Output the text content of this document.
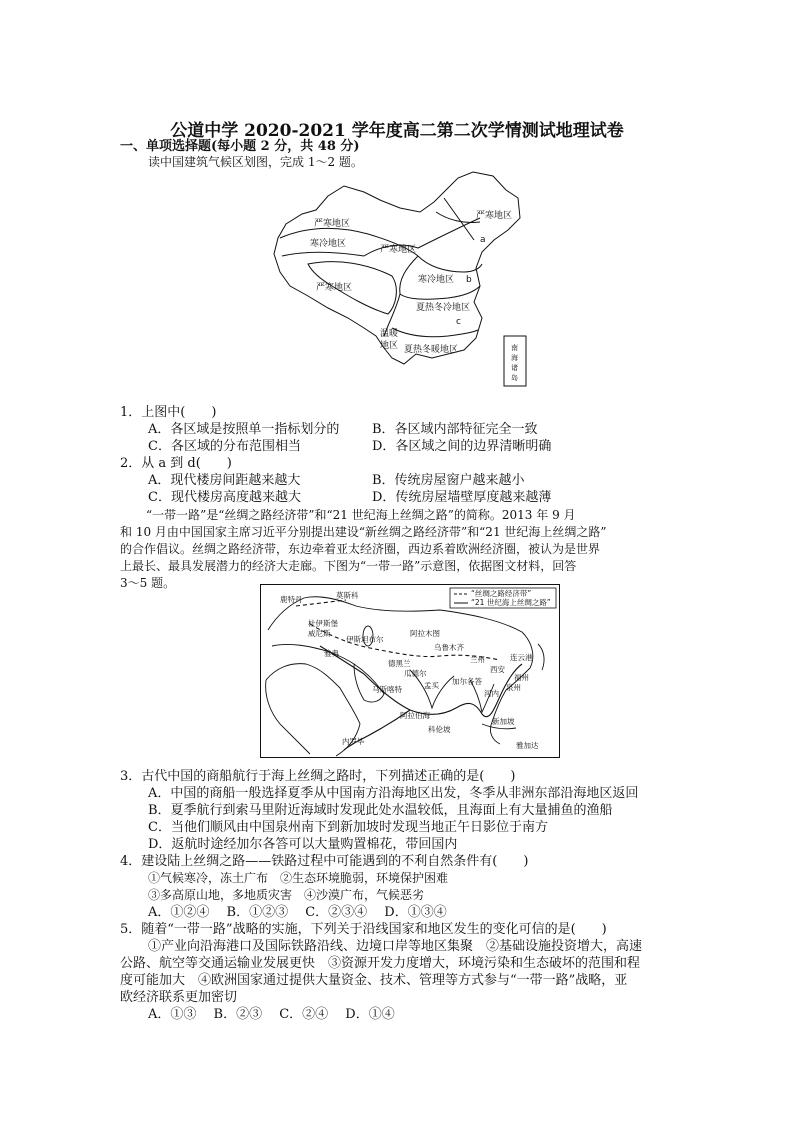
公道中学 2020-2021 学年度高二第二次学情测试地理试卷
一、单项选择题(每小题 2 分，共 48 分)
读中国建筑气候区划图，完成 1～2 题。
严寒地区
严寒地区
寒冷地区
严寒地区
严寒地区
寒冷地区
夏热冬冷地区
温暖
地区 夏热冬暖地区
a
b
c
南
海
诸
岛
1．上图中(　　)
A．各区域是按照单一指标划分的	B．各区域内部特征完全一致
C．各区域的分布范围相当	D．各区域之间的边界清晰明确
2．从 a 到 d(　　)
A．现代楼房间距越来越大	B．传统房屋窗户越来越小
C．现代楼房高度越来越大	D．传统房屋墙壁厚度越来越薄
“一带一路”是“丝绸之路经济带”和“21 世纪海上丝绸之路”的简称。2013 年 9 月
和 10 月由中国国家主席习近平分别提出建设“新丝绸之路经济带”和“21 世纪海上丝绸之路”
的合作倡议。丝绸之路经济带，东边牵着亚太经济圈，西边系着欧洲经济圈，被认为是世界
上最长、最具发展潜力的经济大走廊。下图为“一带一路”示意图，依据图文材料，回答
3～5 题。
“丝绸之路经济带”
“21 世纪海上丝绸之路”
鹿特丹	莫斯科
杜伊斯堡
威尼斯
伊斯坦布尔
阿拉木图
乌鲁木齐
兰州
西安
连云港
雅典
德黑兰
瓜德尔
孟买 加尔各答	福州
泉州
河内
马斯喀特
阿拉伯海
科伦坡
新加坡
雅加达
内罗毕
3．古代中国的商船航行于海上丝绸之路时，下列描述正确的是(　　)
A．中国的商船一般选择夏季从中国南方沿海地区出发，冬季从非洲东部沿海地区返回
B．夏季航行到索马里附近海域时发现此处水温较低，且海面上有大量捕鱼的渔船
C．当他们顺风由中国泉州南下到新加坡时发现当地正午日影位于南方
D．返航时途经加尔各答可以大量购置棉花，带回国内
4．建设陆上丝绸之路——铁路过程中可能遇到的不利自然条件有(　　)
①气候寒冷，冻土广布　②生态环境脆弱，环境保护困难
③多高原山地，多地质灾害　④沙漠广布，气候恶劣
A．①②④　 B．①②③　 C．②③④　 D．①③④
5．随着“一带一路”战略的实施，下列关于沿线国家和地区发生的变化可信的是(　　)
①产业向沿海港口及国际铁路沿线、边境口岸等地区集聚　②基础设施投资增大，高速
公路、航空等交通运输业发展更快　③资源开发力度增大，环境污染和生态破坏的范围和程
度可能加大　④欧洲国家通过提供大量资金、技术、管理等方式参与“一带一路”战略，亚
欧经济联系更加密切
A．①③　 B．②③　 C．②④　 D．①④
